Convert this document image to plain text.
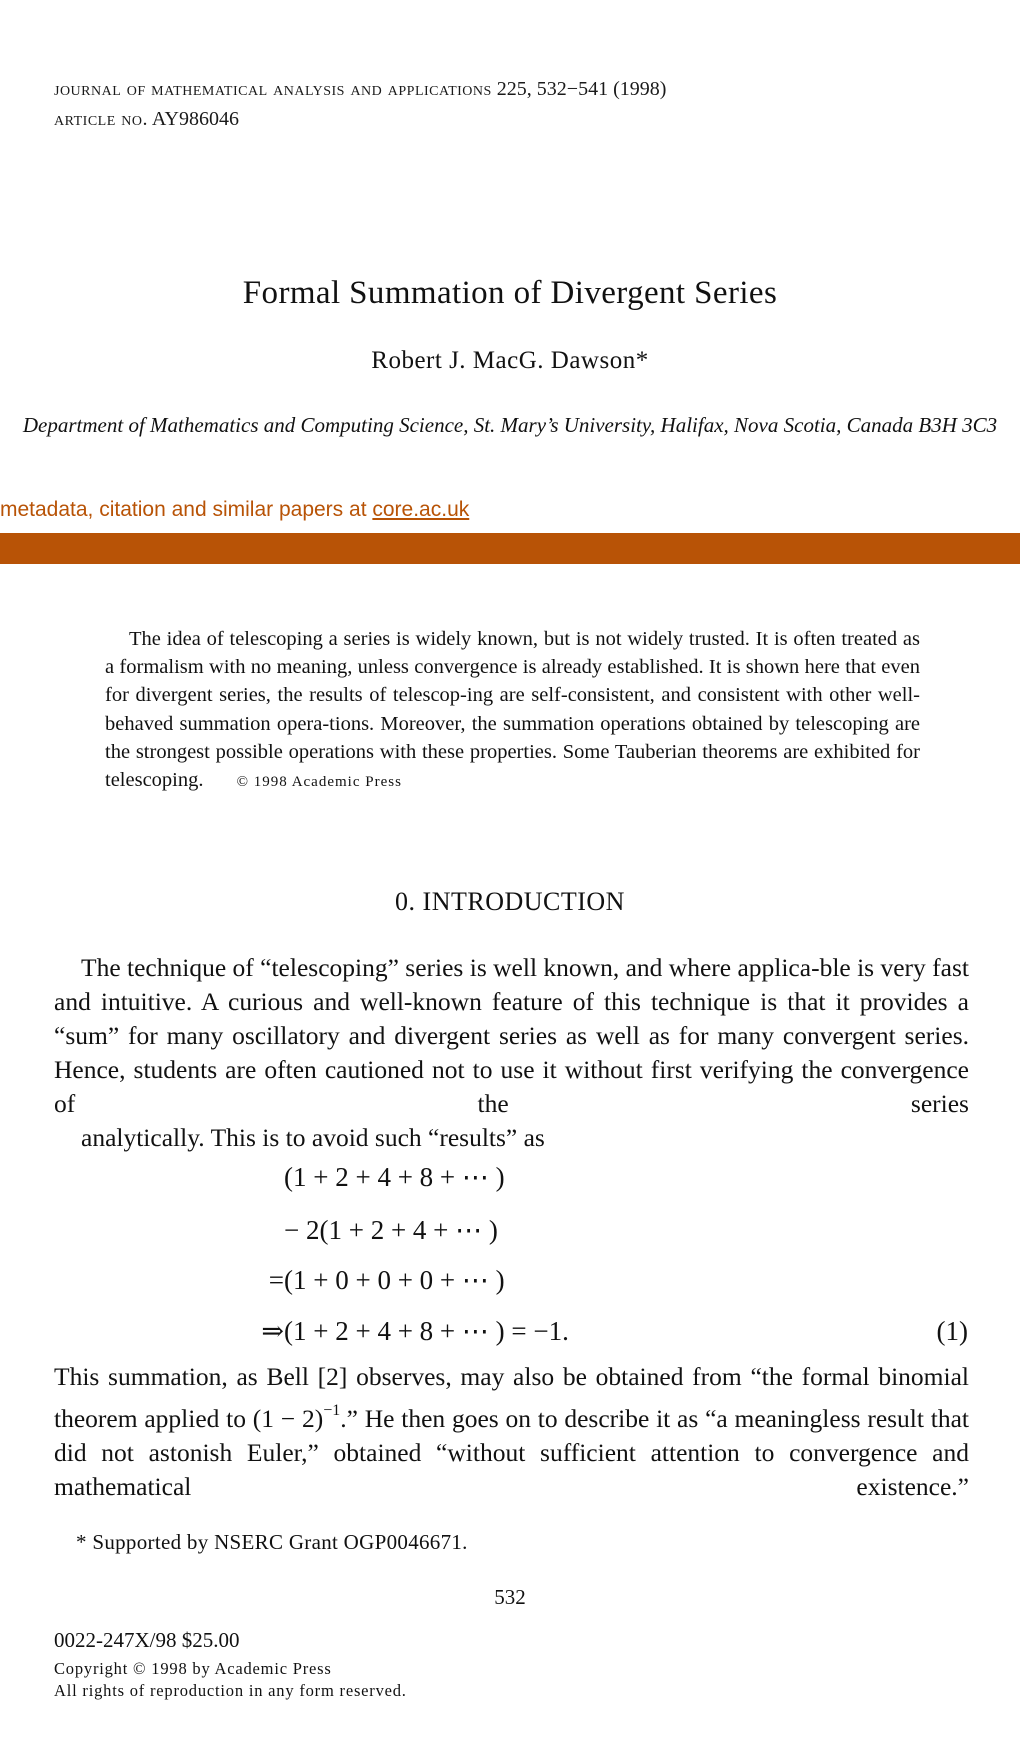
journal of mathematical analysis and applications 225, 532−541 (1998)
article no. AY986046
Formal Summation of Divergent Series
Robert J. MacG. Dawson*
Department of Mathematics and Computing Science, St. Mary’s University, Halifax, Nova Scotia, Canada B3H 3C3
metadata, citation and similar papers at core.ac.uk

The idea of telescoping a series is widely known, but is not widely trusted. It is often treated as a formalism with no meaning, unless convergence is already established. It is shown here that even for divergent series, the results of telescop-ing are self-consistent, and consistent with other well-behaved summation opera-tions. Moreover, the summation operations obtained by telescoping are the strongest possible operations with these properties. Some Tauberian theorems are exhibited for telescoping. © 1998 Academic Press

0. INTRODUCTION

The technique of “telescoping” series is well known, and where applica-ble is very fast and intuitive. A curious and well-known feature of this technique is that it provides a “sum” for many oscillatory and divergent series as well as for many convergent series. Hence, students are often cautioned not to use it without first verifying the convergence of the series

analytically. This is to avoid such “results” as

(1 + 2 + 4 + 8 + ⋯ )
− 2(1 + 2 + 4 + ⋯ )
= (1 + 0 + 0 + 0 + ⋯ )
⇒ (1 + 2 + 4 + 8 + ⋯ ) = −1.	(1)

This summation, as Bell [2] observes, may also be obtained from “the formal binomial theorem applied to $(1 - 2)^{-1}$.” He then goes on to describe it as “a meaningless result that did not astonish Euler,” obtained “without sufficient attention to convergence and mathematical existence.”

* Supported by NSERC Grant OGP0046671.
532
0022-247X/98 $25.00
Copyright © 1998 by Academic Press
All rights of reproduction in any form reserved.
